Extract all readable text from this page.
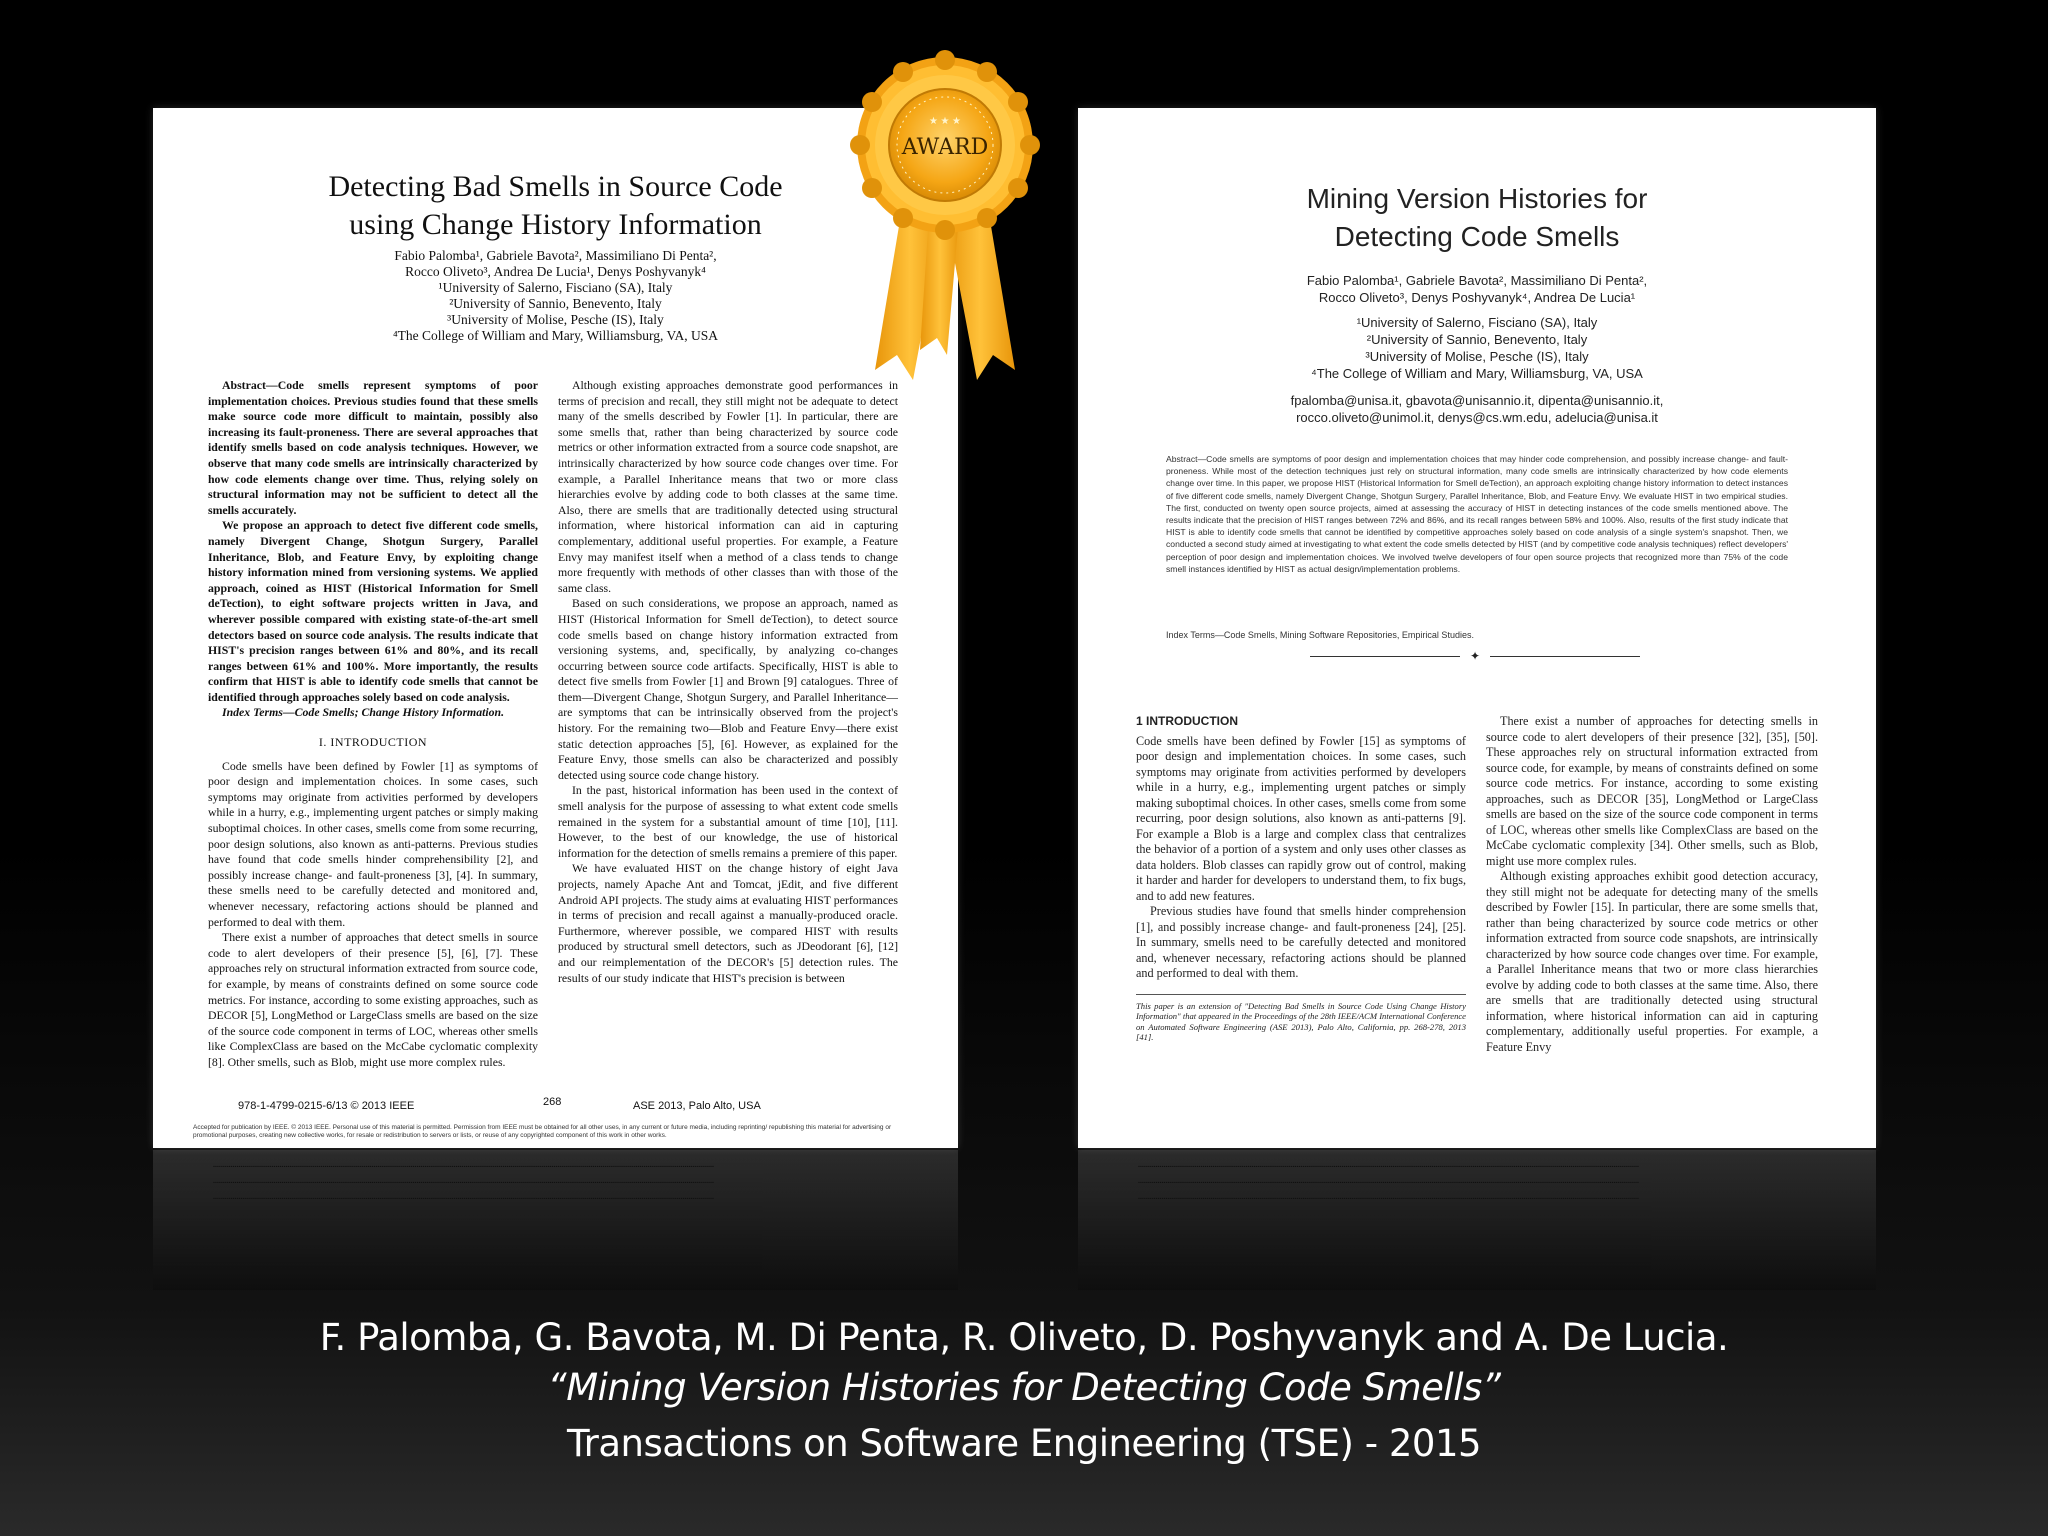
Detecting Bad Smells in Source Code
using Change History Information
Fabio Palomba¹, Gabriele Bavota², Massimiliano Di Penta²,
Rocco Oliveto³, Andrea De Lucia¹, Denys Poshyvanyk⁴
¹University of Salerno, Fisciano (SA), Italy
²University of Sannio, Benevento, Italy
³University of Molise, Pesche (IS), Italy
⁴The College of William and Mary, Williamsburg, VA, USA

Abstract—Code smells represent symptoms of poor implementation choices. Previous studies found that these smells make source code more difficult to maintain, possibly also increasing its fault-proneness. There are several approaches that identify smells based on code analysis techniques. However, we observe that many code smells are intrinsically characterized by how code elements change over time. Thus, relying solely on structural information may not be sufficient to detect all the smells accurately.

We propose an approach to detect five different code smells, namely Divergent Change, Shotgun Surgery, Parallel Inheritance, Blob, and Feature Envy, by exploiting change history information mined from versioning systems. We applied approach, coined as HIST (Historical Information for Smell deTection), to eight software projects written in Java, and wherever possible compared with existing state-of-the-art smell detectors based on source code analysis. The results indicate that HIST's precision ranges between 61% and 80%, and its recall ranges between 61% and 100%. More importantly, the results confirm that HIST is able to identify code smells that cannot be identified through approaches solely based on code analysis.

Index Terms—Code Smells; Change History Information.

I. INTRODUCTION

Code smells have been defined by Fowler [1] as symptoms of poor design and implementation choices. In some cases, such symptoms may originate from activities performed by developers while in a hurry, e.g., implementing urgent patches or simply making suboptimal choices. In other cases, smells come from some recurring, poor design solutions, also known as anti-patterns. Previous studies have found that code smells hinder comprehensibility [2], and possibly increase change- and fault-proneness [3], [4]. In summary, these smells need to be carefully detected and monitored and, whenever necessary, refactoring actions should be planned and performed to deal with them.

There exist a number of approaches that detect smells in source code to alert developers of their presence [5], [6], [7]. These approaches rely on structural information extracted from source code, for example, by means of constraints defined on some source code metrics. For instance, according to some existing approaches, such as DECOR [5], LongMethod or LargeClass smells are based on the size of the source code component in terms of LOC, whereas other smells like ComplexClass are based on the McCabe cyclomatic complexity [8]. Other smells, such as Blob, might use more complex rules.

Although existing approaches demonstrate good performances in terms of precision and recall, they still might not be adequate to detect many of the smells described by Fowler [1]. In particular, there are some smells that, rather than being characterized by source code metrics or other information extracted from a source code snapshot, are intrinsically characterized by how source code changes over time. For example, a Parallel Inheritance means that two or more class hierarchies evolve by adding code to both classes at the same time. Also, there are smells that are traditionally detected using structural information, where historical information can aid in capturing complementary, additional useful properties. For example, a Feature Envy may manifest itself when a method of a class tends to change more frequently with methods of other classes than with those of the same class.

Based on such considerations, we propose an approach, named as HIST (Historical Information for Smell deTection), to detect source code smells based on change history information extracted from versioning systems, and, specifically, by analyzing co-changes occurring between source code artifacts. Specifically, HIST is able to detect five smells from Fowler [1] and Brown [9] catalogues. Three of them—Divergent Change, Shotgun Surgery, and Parallel Inheritance—are symptoms that can be intrinsically observed from the project's history. For the remaining two—Blob and Feature Envy—there exist static detection approaches [5], [6]. However, as explained for the Feature Envy, those smells can also be characterized and possibly detected using source code change history.

In the past, historical information has been used in the context of smell analysis for the purpose of assessing to what extent code smells remained in the system for a substantial amount of time [10], [11]. However, to the best of our knowledge, the use of historical information for the detection of smells remains a premiere of this paper.

We have evaluated HIST on the change history of eight Java projects, namely Apache Ant and Tomcat, jEdit, and five different Android API projects. The study aims at evaluating HIST performances in terms of precision and recall against a manually-produced oracle. Furthermore, wherever possible, we compared HIST with results produced by structural smell detectors, such as JDeodorant [6], [12] and our reimplementation of the DECOR's [5] detection rules. The results of our study indicate that HIST's precision is between

978-1-4799-0215-6/13 © 2013 IEEE	268	ASE 2013, Palo Alto, USA
Accepted for publication by IEEE. © 2013 IEEE. Personal use of this material is permitted. Permission from IEEE must be obtained for all other uses, in any current or future media, including reprinting/ republishing this material for advertising or promotional purposes, creating new collective works, for resale or redistribution to servers or lists, or reuse of any copyrighted component of this work in other works.
Mining Version Histories for
Detecting Code Smells
Fabio Palomba¹, Gabriele Bavota², Massimiliano Di Penta²,
Rocco Oliveto³, Denys Poshyvanyk⁴, Andrea De Lucia¹
¹University of Salerno, Fisciano (SA), Italy
²University of Sannio, Benevento, Italy
³University of Molise, Pesche (IS), Italy
⁴The College of William and Mary, Williamsburg, VA, USA
fpalomba@unisa.it, gbavota@unisannio.it, dipenta@unisannio.it,
rocco.oliveto@unimol.it, denys@cs.wm.edu, adelucia@unisa.it
Abstract—Code smells are symptoms of poor design and implementation choices that may hinder code comprehension, and possibly increase change- and fault-proneness. While most of the detection techniques just rely on structural information, many code smells are intrinsically characterized by how code elements change over time. In this paper, we propose HIST (Historical Information for Smell deTection), an approach exploiting change history information to detect instances of five different code smells, namely Divergent Change, Shotgun Surgery, Parallel Inheritance, Blob, and Feature Envy. We evaluate HIST in two empirical studies. The first, conducted on twenty open source projects, aimed at assessing the accuracy of HIST in detecting instances of the code smells mentioned above. The results indicate that the precision of HIST ranges between 72% and 86%, and its recall ranges between 58% and 100%. Also, results of the first study indicate that HIST is able to identify code smells that cannot be identified by competitive approaches solely based on code analysis of a single system's snapshot. Then, we conducted a second study aimed at investigating to what extent the code smells detected by HIST (and by competitive code analysis techniques) reflect developers' perception of poor design and implementation choices. We involved twelve developers of four open source projects that recognized more than 75% of the code smell instances identified by HIST as actual design/implementation problems.
Index Terms—Code Smells, Mining Software Repositories, Empirical Studies.
✦
1 INTRODUCTION

Code smells have been defined by Fowler [15] as symptoms of poor design and implementation choices. In some cases, such symptoms may originate from activities performed by developers while in a hurry, e.g., implementing urgent patches or simply making suboptimal choices. In other cases, smells come from some recurring, poor design solutions, also known as anti-patterns [9]. For example a Blob is a large and complex class that centralizes the behavior of a portion of a system and only uses other classes as data holders. Blob classes can rapidly grow out of control, making it harder and harder for developers to understand them, to fix bugs, and to add new features.

Previous studies have found that smells hinder comprehension [1], and possibly increase change- and fault-proneness [24], [25]. In summary, smells need to be carefully detected and monitored and, whenever necessary, refactoring actions should be planned and performed to deal with them.

This paper is an extension of "Detecting Bad Smells in Source Code Using Change History Information" that appeared in the Proceedings of the 28th IEEE/ACM International Conference on Automated Software Engineering (ASE 2013), Palo Alto, California, pp. 268-278, 2013 [41].

There exist a number of approaches for detecting smells in source code to alert developers of their presence [32], [35], [50]. These approaches rely on structural information extracted from source code, for example, by means of constraints defined on some source code metrics. For instance, according to some existing approaches, such as DECOR [35], LongMethod or LargeClass smells are based on the size of the source code component in terms of LOC, whereas other smells like ComplexClass are based on the McCabe cyclomatic complexity [34]. Other smells, such as Blob, might use more complex rules.

Although existing approaches exhibit good detection accuracy, they still might not be adequate for detecting many of the smells described by Fowler [15]. In particular, there are some smells that, rather than being characterized by source code metrics or other information extracted from source code snapshots, are intrinsically characterized by how source code changes over time. For example, a Parallel Inheritance means that two or more class hierarchies evolve by adding code to both classes at the same time. Also, there are smells that are traditionally detected using structural information, where historical information can aid in capturing complementary, additionally useful properties. For example, a Feature Envy

┈┈┈┈┈┈┈┈┈┈┈┈┈┈┈┈┈┈┈┈┈┈┈┈┈┈┈┈┈┈┈┈┈┈┈┈┈┈┈┈┈┈┈┈┈┈┈┈┈┈┈┈┈┈┈┈┈┈┈┈┈┈┈┈
┈┈┈┈┈┈┈┈┈┈┈┈┈┈┈┈┈┈┈┈┈┈┈┈┈┈┈┈┈┈┈┈┈┈┈┈┈┈┈┈┈┈┈┈┈┈┈┈┈┈┈┈┈┈┈┈┈┈┈┈┈┈┈┈
┈┈┈┈┈┈┈┈┈┈┈┈┈┈┈┈┈┈┈┈┈┈┈┈┈┈┈┈┈┈┈┈┈┈┈┈┈┈┈┈┈┈┈┈┈┈┈┈┈┈┈┈┈┈┈┈┈┈┈┈┈┈┈┈
┈┈┈┈┈┈┈┈┈┈┈┈┈┈┈┈┈┈┈┈┈┈┈┈┈┈┈┈┈┈┈┈┈┈┈┈┈┈┈┈┈┈┈┈┈┈┈┈┈┈┈┈┈┈┈┈┈┈┈┈┈┈┈┈
┈┈┈┈┈┈┈┈┈┈┈┈┈┈┈┈┈┈┈┈┈┈┈┈┈┈┈┈┈┈┈┈┈┈┈┈┈┈┈┈┈┈┈┈┈┈┈┈┈┈┈┈┈┈┈┈┈┈┈┈┈┈┈┈
┈┈┈┈┈┈┈┈┈┈┈┈┈┈┈┈┈┈┈┈┈┈┈┈┈┈┈┈┈┈┈┈┈┈┈┈┈┈┈┈┈┈┈┈┈┈┈┈┈┈┈┈┈┈┈┈┈┈┈┈┈┈┈┈
AWARD
★ ★ ★
F. Palomba, G. Bavota, M. Di Penta, R. Oliveto, D. Poshyvanyk and A. De Lucia.
“Mining Version Histories for Detecting Code Smells”
Transactions on Software Engineering (TSE) - 2015
